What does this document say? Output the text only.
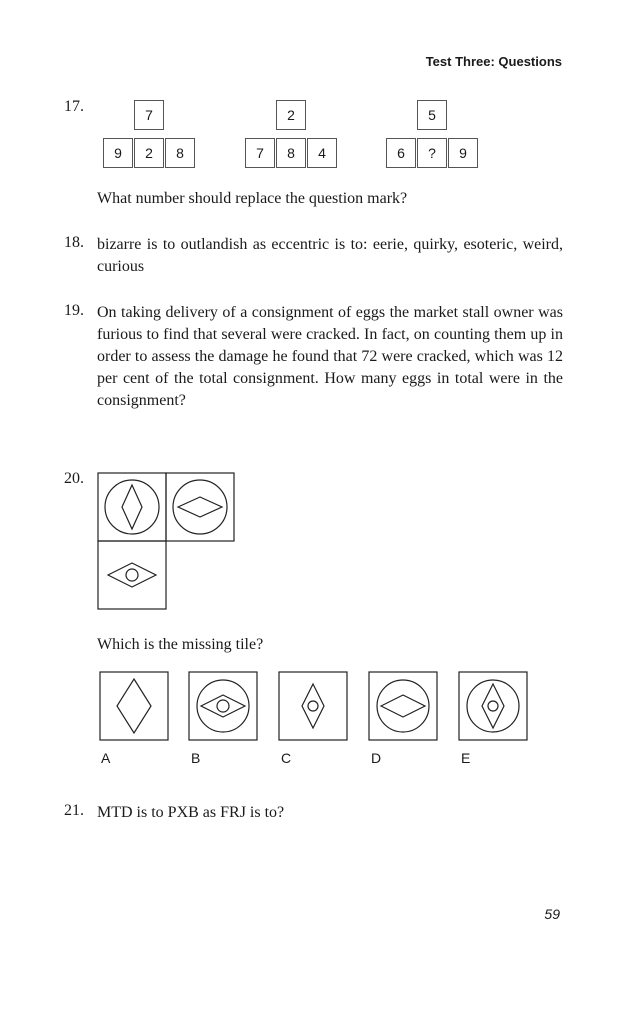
Test Three: Questions
17.	7
9	2	8
2
7	8	4
5
6	?	9
What number should replace the question mark?
18. bizarre is to outlandish as eccentric is to: eerie, quirky, esoteric, weird, curious
19. On taking delivery of a consignment of eggs the market stall owner was furious to find that several were cracked. In fact, on counting them up in order to assess the damage he found that 72 were cracked, which was 12 per cent of the total consignment. How many eggs in total were in the consignment?
20.
Which is the missing tile?
A	B	C	D	E
21. MTD is to PXB as FRJ is to?
59
